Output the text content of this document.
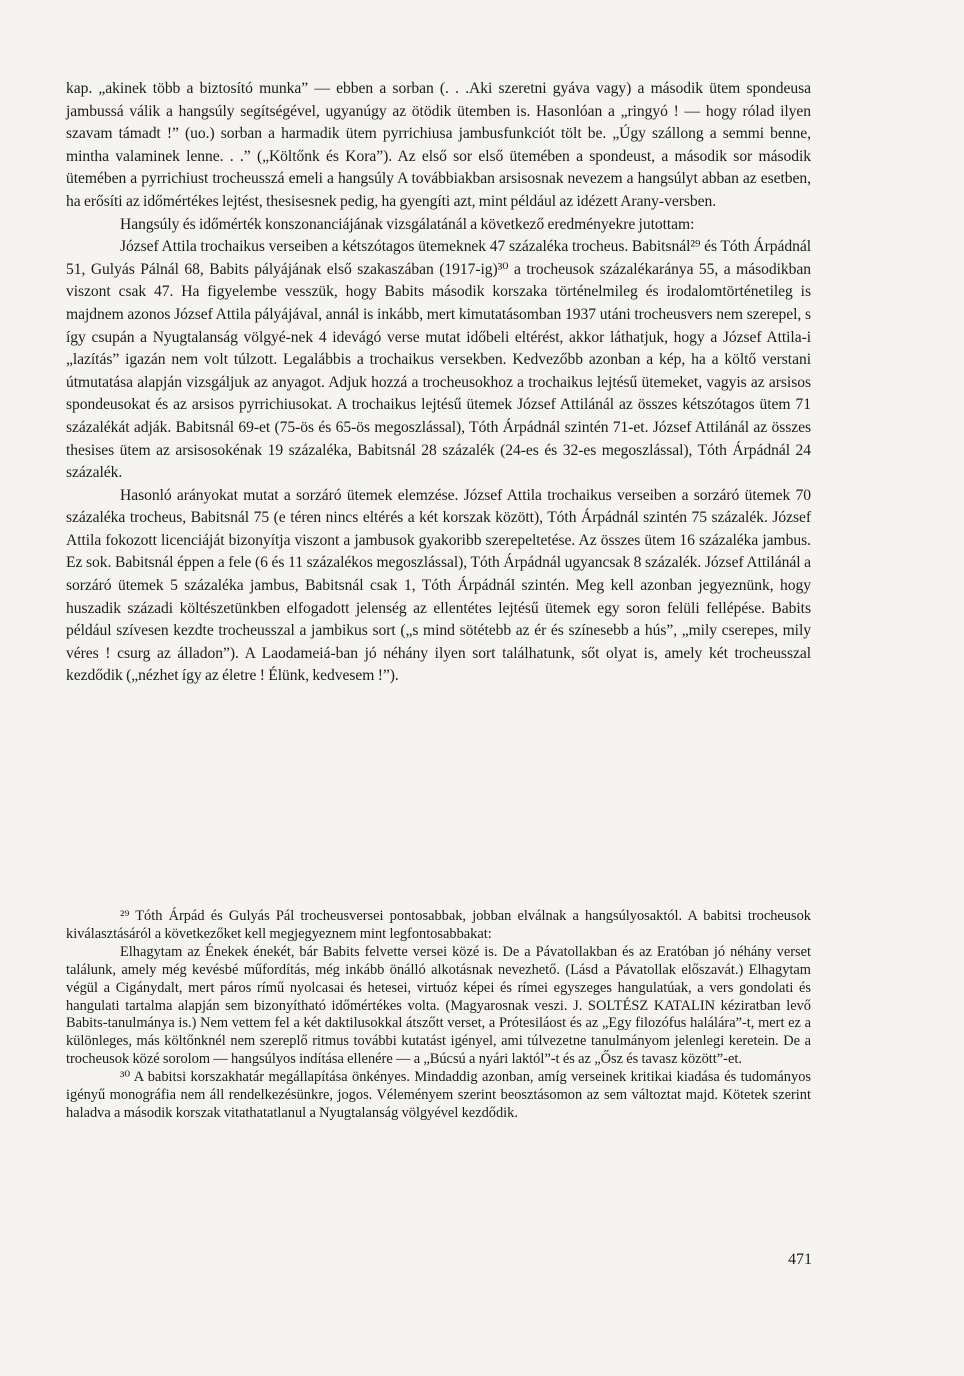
kap. „akinek több a biztosító munka” — ebben a sorban (. . .Aki szeretni gyáva vagy) a második ütem spondeusa jambussá válik a hangsúly segítségével, ugyanúgy az ötödik ütemben is. Hasonlóan a „ringyó ! — hogy rólad ilyen szavam támadt !” (uo.) sorban a harmadik ütem pyrrichiusa jambusfunkciót tölt be. „Úgy szállong a semmi benne, mintha valaminek lenne. . .” („Költőnk és Kora”). Az első sor első ütemében a spondeust, a második sor második ütemében a pyrrichiust trocheusszá emeli a hangsúly A továbbiakban arsisosnak nevezem a hangsúlyt abban az esetben, ha erősíti az időmértékes lejtést, thesisesnek pedig, ha gyengíti azt, mint például az idézett Arany-versben.

Hangsúly és időmérték konszonanciájának vizsgálatánál a következő eredményekre jutottam:

József Attila trochaikus verseiben a kétszótagos ütemeknek 47 százaléka trocheus. Babitsnál²⁹ és Tóth Árpádnál 51, Gulyás Pálnál 68, Babits pályájának első szakaszában (1917-ig)³⁰ a trocheusok százalékaránya 55, a másodikban viszont csak 47. Ha figyelembe vesszük, hogy Babits második korszaka történelmileg és irodalomtörténetileg is majdnem azonos József Attila pályájával, annál is inkább, mert kimutatásomban 1937 utáni trocheusvers nem szerepel, s így csupán a Nyugtalanság völgyé-nek 4 idevágó verse mutat időbeli eltérést, akkor láthatjuk, hogy a József Attila-i „lazítás” igazán nem volt túlzott. Legalábbis a trochaikus versekben. Kedvezőbb azonban a kép, ha a költő verstani útmutatása alapján vizsgáljuk az anyagot. Adjuk hozzá a trocheusokhoz a trochaikus lejtésű ütemeket, vagyis az arsisos spondeusokat és az arsisos pyrrichiusokat. A trochaikus lejtésű ütemek József Attilánál az összes kétszótagos ütem 71 százalékát adják. Babitsnál 69-et (75-ös és 65-ös megoszlással), Tóth Árpádnál szintén 71-et. József Attilánál az összes thesises ütem az arsisosokénak 19 százaléka, Babitsnál 28 százalék (24-es és 32-es megoszlással), Tóth Árpádnál 24 százalék.

Hasonló arányokat mutat a sorzáró ütemek elemzése. József Attila trochaikus verseiben a sorzáró ütemek 70 százaléka trocheus, Babitsnál 75 (e téren nincs eltérés a két korszak között), Tóth Árpádnál szintén 75 százalék. József Attila fokozott licenciáját bizonyítja viszont a jambusok gyakoribb szerepeltetése. Az összes ütem 16 százaléka jambus. Ez sok. Babitsnál éppen a fele (6 és 11 százalékos megoszlással), Tóth Árpádnál ugyancsak 8 százalék. József Attilánál a sorzáró ütemek 5 százaléka jambus, Babitsnál csak 1, Tóth Árpádnál szintén. Meg kell azonban jegyeznünk, hogy huszadik századi költészetünkben elfogadott jelenség az ellentétes lejtésű ütemek egy soron felüli fellépése. Babits például szívesen kezdte trocheusszal a jambikus sort („s mind sötétebb az ér és színesebb a hús”, „mily cserepes, mily véres ! csurg az álladon”). A Laodameiá-ban jó néhány ilyen sort találhatunk, sőt olyat is, amely két trocheusszal kezdődik („nézhet így az életre ! Élünk, kedvesem !”).

²⁹ Tóth Árpád és Gulyás Pál trocheusversei pontosabbak, jobban elválnak a hangsúlyosaktól. A babitsi trocheusok kiválasztásáról a következőket kell megjegyeznem mint legfontosabbakat:

Elhagytam az Énekek énekét, bár Babits felvette versei közé is. De a Pávatollakban és az Eratóban jó néhány verset találunk, amely még kevésbé műfordítás, még inkább önálló alkotásnak nevezhető. (Lásd a Pávatollak előszavát.) Elhagytam végül a Cigánydalt, mert páros rímű nyolcasai és hetesei, virtuóz képei és rímei egyszeges hangulatúak, a vers gondolati és hangulati tartalma alapján sem bizonyítható időmértékes volta. (Magyarosnak veszi. J. SOLTÉSZ KATALIN kéziratban levő Babits-tanulmánya is.) Nem vettem fel a két daktilusokkal átszőtt verset, a Prótesiláost és az „Egy filozófus halálára”-t, mert ez a különleges, más költőnknél nem szereplő ritmus további kutatást igényel, ami túlvezetne tanulmányom jelenlegi keretein. De a trocheusok közé sorolom — hangsúlyos indítása ellenére — a „Búcsú a nyári laktól”-t és az „Ősz és tavasz között”-et.

³⁰ A babitsi korszakhatár megállapítása önkényes. Mindaddig azonban, amíg verseinek kritikai kiadása és tudományos igényű monográfia nem áll rendelkezésünkre, jogos. Véleményem szerint beosztásomon az sem változtat majd. Kötetek szerint haladva a második korszak vitathatatlanul a Nyugtalanság völgyével kezdődik.

471
